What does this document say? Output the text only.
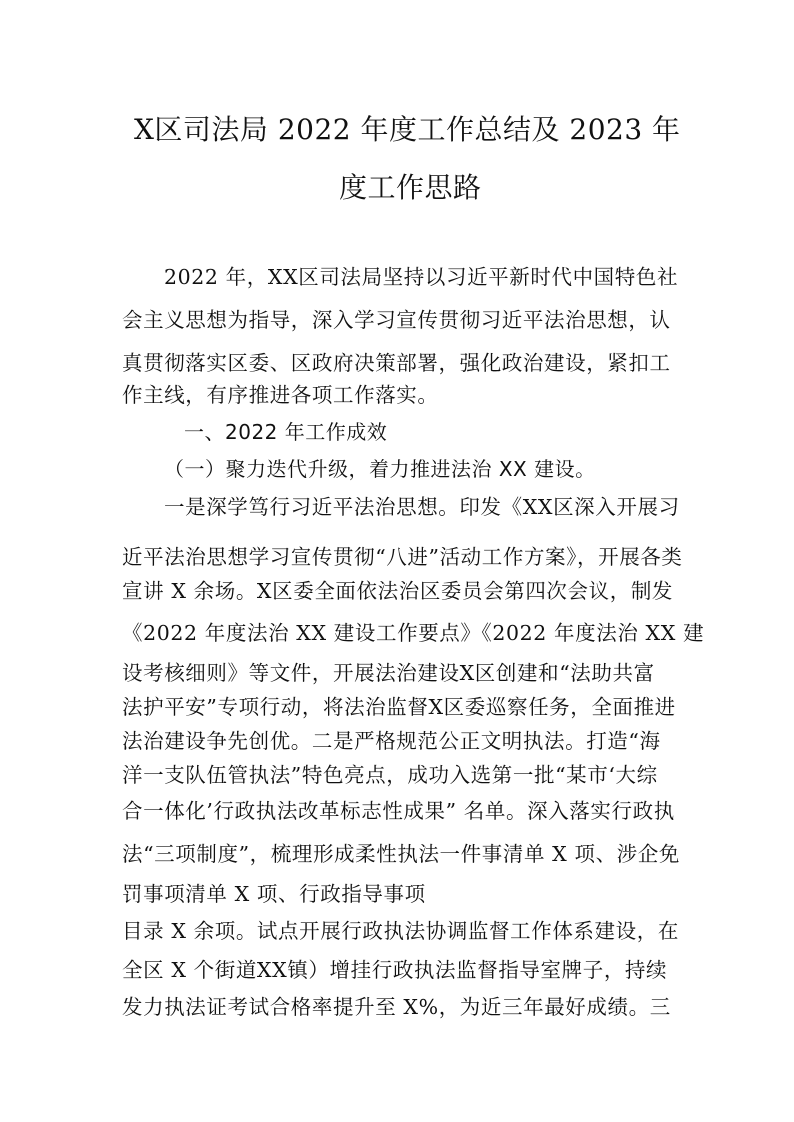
X区司法局 2022 年度工作总结及 2023 年
度工作思路
2022 年，XX区司法局坚持以习近平新时代中国特色社
会主义思想为指导，深入学习宣传贯彻习近平法治思想，认
真贯彻落实区委、区政府决策部署，强化政治建设，紧扣工
作主线，有序推进各项工作落实。
一、2022 年工作成效
（一）聚力迭代升级，着力推进法治 XX 建设。
一是深学笃行习近平法治思想。印发《XX区深入开展习
近平法治思想学习宣传贯彻“八进”活动工作方案》，开展各类
宣讲 X 余场。X区委全面依法治区委员会第四次会议，制发
《2022 年度法治 XX 建设工作要点》《2022 年度法治 XX 建
设考核细则》等文件，开展法治建设X区创建和“法助共富
法护平安”专项行动，将法治监督X区委巡察任务，全面推进
法治建设争先创优。二是严格规范公正文明执法。打造“海
洋一支队伍管执法”特色亮点，成功入选第一批“某市‘大综
合一体化’行政执法改革标志性成果” 名单。深入落实行政执
法“三项制度”，梳理形成柔性执法一件事清单 X 项、涉企免
罚事项清单 X 项、行政指导事项
目录 X 余项。试点开展行政执法协调监督工作体系建设，在
全区 X 个街道XX镇）增挂行政执法监督指导室牌子，持续
发力执法证考试合格率提升至 X%，为近三年最好成绩。三
